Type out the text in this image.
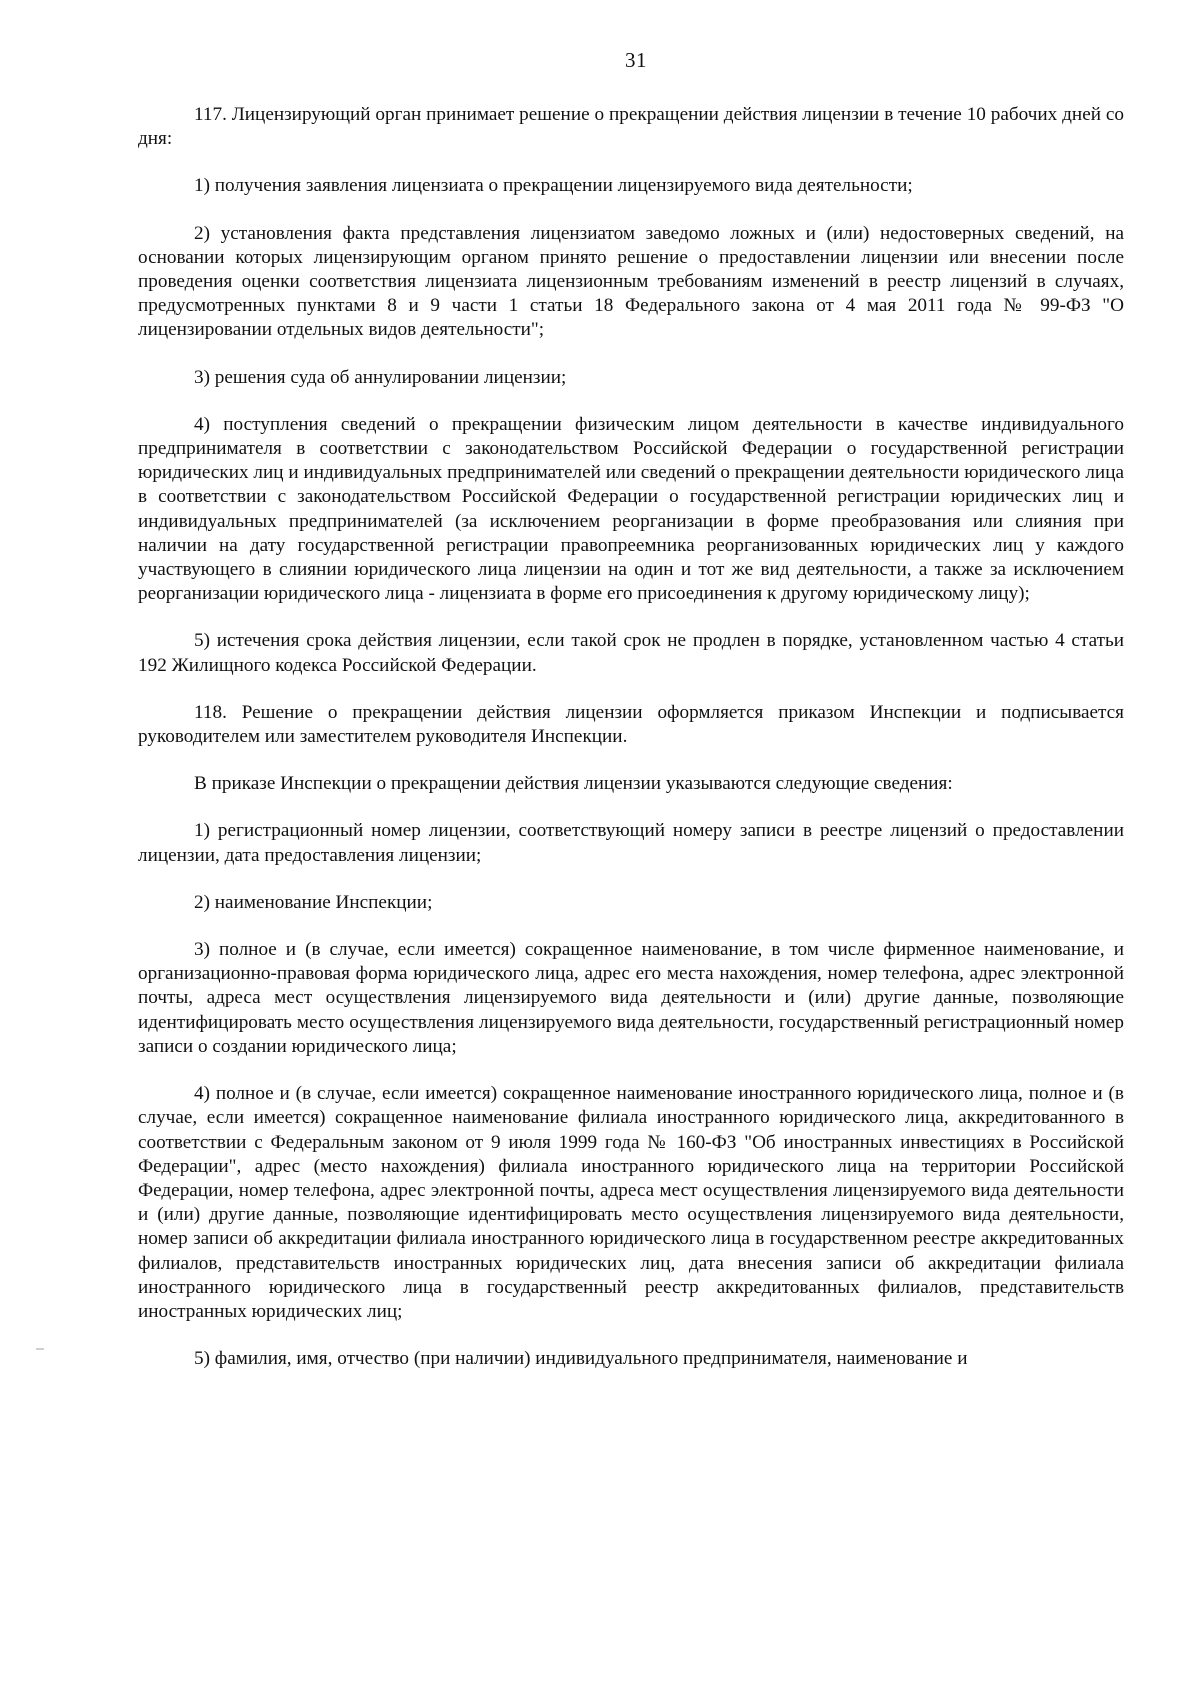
31

117. Лицензирующий орган принимает решение о прекращении действия лицензии в течение 10 рабочих дней со дня:

1) получения заявления лицензиата о прекращении лицензируемого вида деятельности;

2) установления факта представления лицензиатом заведомо ложных и (или) недостоверных сведений, на основании которых лицензирующим органом принято решение о предоставлении лицензии или внесении после проведения оценки соответствия лицензиата лицензионным требованиям изменений в реестр лицензий в случаях, предусмотренных пунктами 8 и 9 части 1 статьи 18 Федерального закона от 4 мая 2011 года № 99-ФЗ "О лицензировании отдельных видов деятельности";

3) решения суда об аннулировании лицензии;

4) поступления сведений о прекращении физическим лицом деятельности в качестве индивидуального предпринимателя в соответствии с законодательством Российской Федерации о государственной регистрации юридических лиц и индивидуальных предпринимателей или сведений о прекращении деятельности юридического лица в соответствии с законодательством Российской Федерации о государственной регистрации юридических лиц и индивидуальных предпринимателей (за исключением реорганизации в форме преобразования или слияния при наличии на дату государственной регистрации правопреемника реорганизованных юридических лиц у каждого участвующего в слиянии юридического лица лицензии на один и тот же вид деятельности, а также за исключением реорганизации юридического лица - лицензиата в форме его присоединения к другому юридическому лицу);

5) истечения срока действия лицензии, если такой срок не продлен в порядке, установленном частью 4 статьи 192 Жилищного кодекса Российской Федерации.

118. Решение о прекращении действия лицензии оформляется приказом Инспекции и подписывается руководителем или заместителем руководителя Инспекции.

В приказе Инспекции о прекращении действия лицензии указываются следующие сведения:

1) регистрационный номер лицензии, соответствующий номеру записи в реестре лицензий о предоставлении лицензии, дата предоставления лицензии;

2) наименование Инспекции;

3) полное и (в случае, если имеется) сокращенное наименование, в том числе фирменное наименование, и организационно-правовая форма юридического лица, адрес его места нахождения, номер телефона, адрес электронной почты, адреса мест осуществления лицензируемого вида деятельности и (или) другие данные, позволяющие идентифицировать место осуществления лицензируемого вида деятельности, государственный регистрационный номер записи о создании юридического лица;

4) полное и (в случае, если имеется) сокращенное наименование иностранного юридического лица, полное и (в случае, если имеется) сокращенное наименование филиала иностранного юридического лица, аккредитованного в соответствии с Федеральным законом от 9 июля 1999 года № 160-ФЗ "Об иностранных инвестициях в Российской Федерации", адрес (место нахождения) филиала иностранного юридического лица на территории Российской Федерации, номер телефона, адрес электронной почты, адреса мест осуществления лицензируемого вида деятельности и (или) другие данные, позволяющие идентифицировать место осуществления лицензируемого вида деятельности, номер записи об аккредитации филиала иностранного юридического лица в государственном реестре аккредитованных филиалов, представительств иностранных юридических лиц, дата внесения записи об аккредитации филиала иностранного юридического лица в государственный реестр аккредитованных филиалов, представительств иностранных юридических лиц;

5) фамилия, имя, отчество (при наличии) индивидуального предпринимателя, наименование и
